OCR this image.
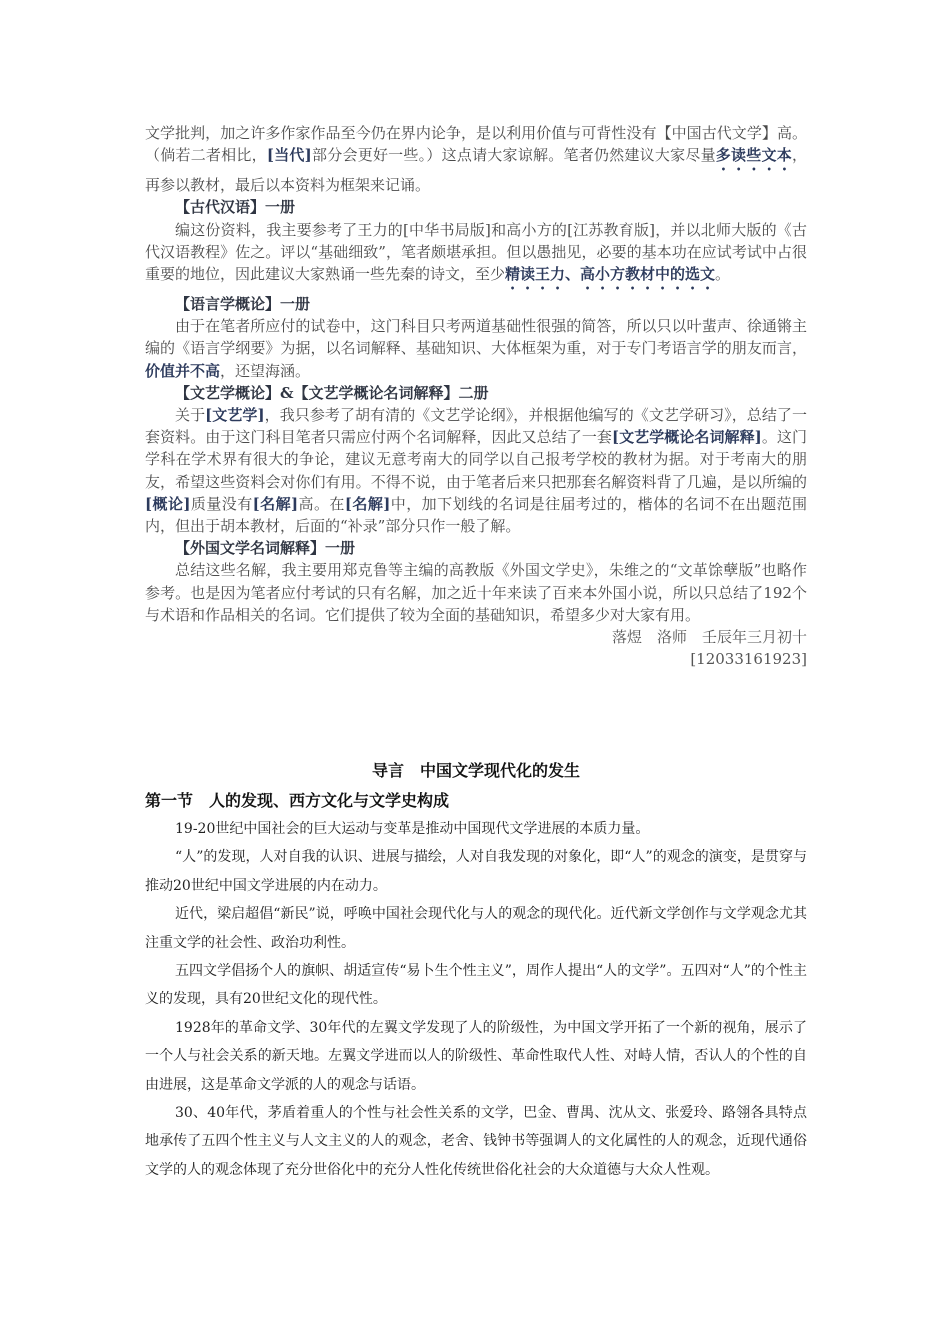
文学批判，加之许多作家作品至今仍在界内论争，是以利用价值与可背性没有【中国古代文学】高。（倘若二者相比，[当代]部分会更好一些。）这点请大家谅解。笔者仍然建议大家尽量多读些文本，再参以教材，最后以本资料为框架来记诵。

【古代汉语】一册

编这份资料，我主要参考了王力的[中华书局版]和高小方的[江苏教育版]，并以北师大版的《古代汉语教程》佐之。评以“基础细致”，笔者颇堪承担。但以愚拙见，必要的基本功在应试考试中占很重要的地位，因此建议大家熟诵一些先秦的诗文，至少精读王力、高小方教材中的选文。

【语言学概论】一册

由于在笔者所应付的试卷中，这门科目只考两道基础性很强的简答，所以只以叶蜚声、徐通锵主编的《语言学纲要》为据，以名词解释、基础知识、大体框架为重，对于专门考语言学的朋友而言，价值并不高，还望海涵。

【文艺学概论】&【文艺学概论名词解释】二册

关于[文艺学]，我只参考了胡有清的《文艺学论纲》，并根据他编写的《文艺学研习》，总结了一套资料。由于这门科目笔者只需应付两个名词解释，因此又总结了一套[文艺学概论名词解释]。这门学科在学术界有很大的争论，建议无意考南大的同学以自己报考学校的教材为据。对于考南大的朋友，希望这些资料会对你们有用。不得不说，由于笔者后来只把那套名解资料背了几遍，是以所编的[概论]质量没有[名解]高。在[名解]中，加下划线的名词是往届考过的，楷体的名词不在出题范围内，但出于胡本教材，后面的“补录”部分只作一般了解。

【外国文学名词解释】一册

总结这些名解，我主要用郑克鲁等主编的高教版《外国文学史》，朱维之的“文革馀孽版”也略作参考。也是因为笔者应付考试的只有名解，加之近十年来读了百来本外国小说，所以只总结了192个与术语和作品相关的名词。它们提供了较为全面的基础知识，希望多少对大家有用。

落煜　洛师　壬辰年三月初十

[12033161923]

导言　中国文学现代化的发生
第一节　人的发现、西方文化与文学史构成

19-20世纪中国社会的巨大运动与变革是推动中国现代文学进展的本质力量。

“人”的发现，人对自我的认识、进展与描绘，人对自我发现的对象化，即“人”的观念的演变，是贯穿与推动20世纪中国文学进展的内在动力。

近代，梁启超倡“新民”说，呼唤中国社会现代化与人的观念的现代化。近代新文学创作与文学观念尤其注重文学的社会性、政治功利性。

五四文学倡扬个人的旗帜、胡适宣传“易卜生个性主义”，周作人提出“人的文学”。五四对“人”的个性主义的发现，具有20世纪文化的现代性。

1928年的革命文学、30年代的左翼文学发现了人的阶级性，为中国文学开拓了一个新的视角，展示了一个人与社会关系的新天地。左翼文学进而以人的阶级性、革命性取代人性、对峙人情，否认人的个性的自由进展，这是革命文学派的人的观念与话语。

30、40年代，茅盾着重人的个性与社会性关系的文学，巴金、曹禺、沈从文、张爱玲、路翎各具特点地承传了五四个性主义与人文主义的人的观念，老舍、钱钟书等强调人的文化属性的人的观念，近现代通俗文学的人的观念体现了充分世俗化中的充分人性化传统世俗化社会的大众道德与大众人性观。
